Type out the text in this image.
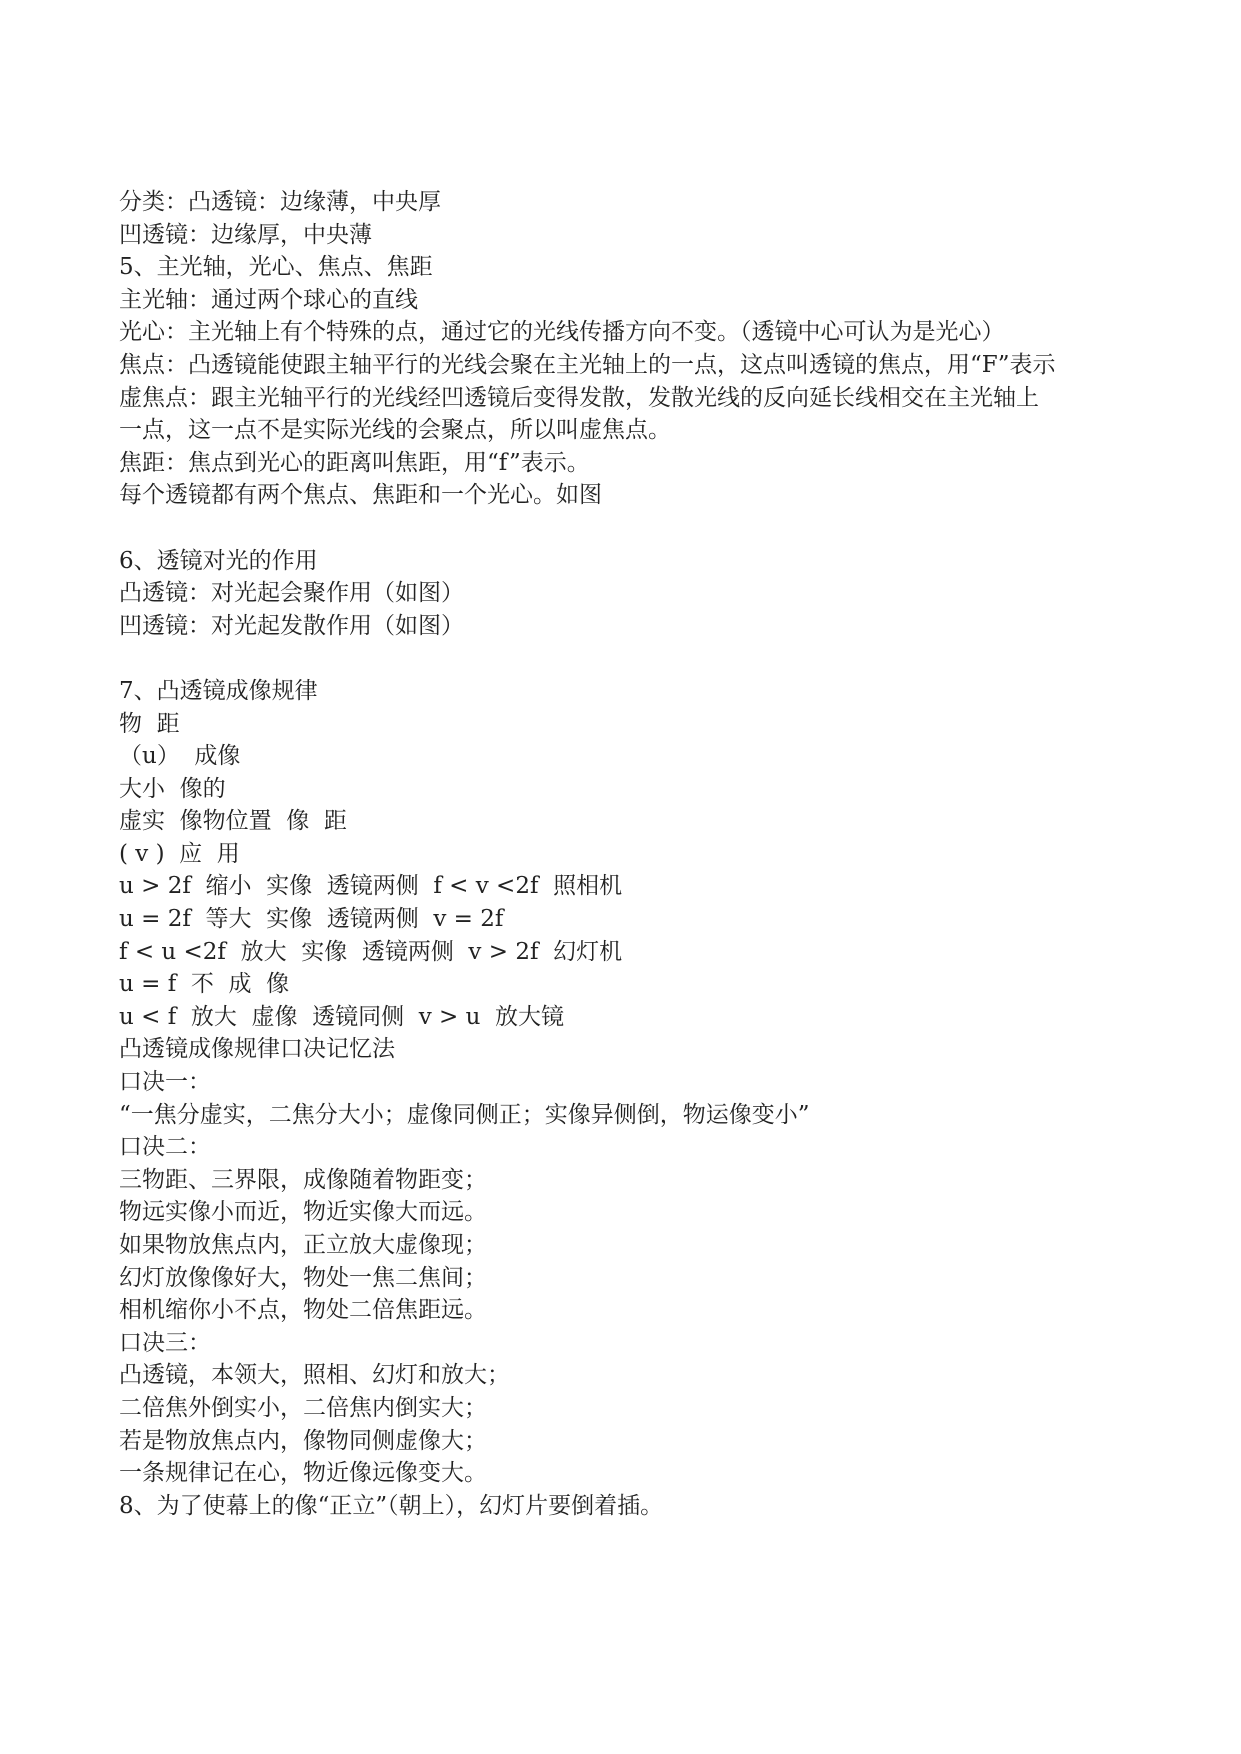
分类：凸透镜：边缘薄，中央厚
凹透镜：边缘厚，中央薄
5、主光轴，光心、焦点、焦距
主光轴：通过两个球心的直线
光心：主光轴上有个特殊的点，通过它的光线传播方向不变。（透镜中心可认为是光心）
焦点：凸透镜能使跟主轴平行的光线会聚在主光轴上的一点，这点叫透镜的焦点，用“F”表示
虚焦点：跟主光轴平行的光线经凹透镜后变得发散，发散光线的反向延长线相交在主光轴上
一点，这一点不是实际光线的会聚点，所以叫虚焦点。
焦距：焦点到光心的距离叫焦距，用“f”表示。
每个透镜都有两个焦点、焦距和一个光心。如图
6、透镜对光的作用
凸透镜：对光起会聚作用（如图）
凹透镜：对光起发散作用（如图）
7、凸透镜成像规律
物  距
（u）  成像
大小  像的
虚实  像物位置  像  距
( v )  应  用
u > 2f  缩小  实像  透镜两侧  f < v <2f  照相机
u = 2f  等大  实像  透镜两侧  v = 2f
f < u <2f  放大  实像  透镜两侧  v > 2f  幻灯机
u = f  不  成  像
u < f  放大  虚像  透镜同侧  v > u  放大镜
凸透镜成像规律口决记忆法
口决一：
“一焦分虚实，二焦分大小；虚像同侧正；实像异侧倒，物运像变小”
口决二：
三物距、三界限，成像随着物距变；
物远实像小而近，物近实像大而远。
如果物放焦点内，正立放大虚像现；
幻灯放像像好大，物处一焦二焦间；
相机缩你小不点，物处二倍焦距远。
口决三：
凸透镜，本领大，照相、幻灯和放大；
二倍焦外倒实小，二倍焦内倒实大；
若是物放焦点内，像物同侧虚像大；
一条规律记在心，物近像远像变大。
8、为了使幕上的像“正立”（朝上），幻灯片要倒着插。
